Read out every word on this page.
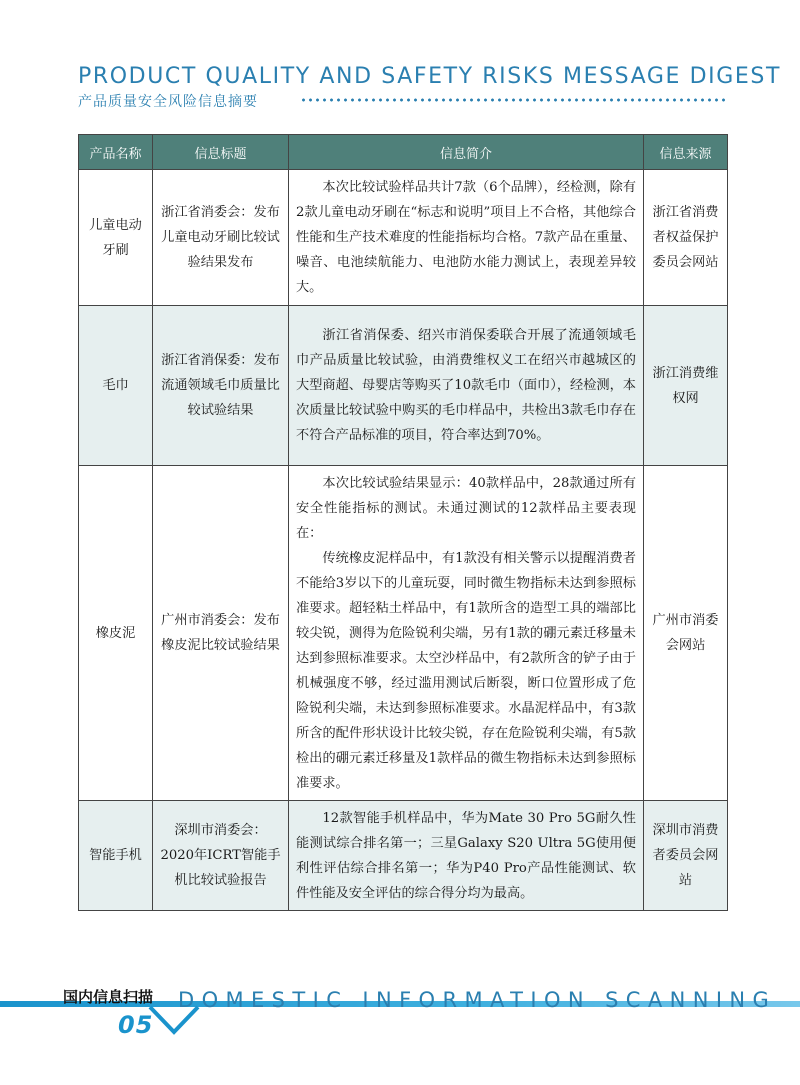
PRODUCT QUALITY AND SAFETY RISKS MESSAGE DIGEST
产品质量安全风险信息摘要
产品名称	信息标题	信息简介	信息来源
儿童电动牙刷	浙江省消委会：发布儿童电动牙刷比较试验结果发布	本次比较试验样品共计7款（6个品牌），经检测，除有2款儿童电动牙刷在“标志和说明”项目上不合格，其他综合性能和生产技术难度的性能指标均合格。7款产品在重量、噪音、电池续航能力、电池防水能力测试上，表现差异较大。	浙江省消费者权益保护委员会网站
毛巾	浙江省消保委：发布流通领域毛巾质量比较试验结果	浙江省消保委、绍兴市消保委联合开展了流通领域毛巾产品质量比较试验，由消费维权义工在绍兴市越城区的大型商超、母婴店等购买了10款毛巾（面巾），经检测，本次质量比较试验中购买的毛巾样品中，共检出3款毛巾存在不符合产品标准的项目，符合率达到70%。	浙江消费维权网
橡皮泥	广州市消委会：发布橡皮泥比较试验结果	本次比较试验结果显示：40款样品中，28款通过所有安全性能指标的测试。未通过测试的12款样品主要表现在：

传统橡皮泥样品中，有1款没有相关警示以提醒消费者不能给3岁以下的儿童玩耍，同时微生物指标未达到参照标准要求。超轻粘土样品中，有1款所含的造型工具的端部比较尖锐，测得为危险锐利尖端，另有1款的硼元素迁移量未达到参照标准要求。太空沙样品中，有2款所含的铲子由于机械强度不够，经过滥用测试后断裂，断口位置形成了危险锐利尖端，未达到参照标准要求。水晶泥样品中，有3款所含的配件形状设计比较尖锐，存在危险锐利尖端，有5款检出的硼元素迁移量及1款样品的微生物指标未达到参照标准要求。	广州市消委会网站
智能手机	深圳市消委会：2020年ICRT智能手机比较试验报告	12款智能手机样品中，华为Mate 30 Pro 5G耐久性能测试综合排名第一；三星Galaxy S20 Ultra 5G使用便利性评估综合排名第一；华为P40 Pro产品性能测试、软件性能及安全评估的综合得分均为最高。	深圳市消费者委员会网站
国内信息扫描 DOMESTIC INFORMATION SCANNING
05
